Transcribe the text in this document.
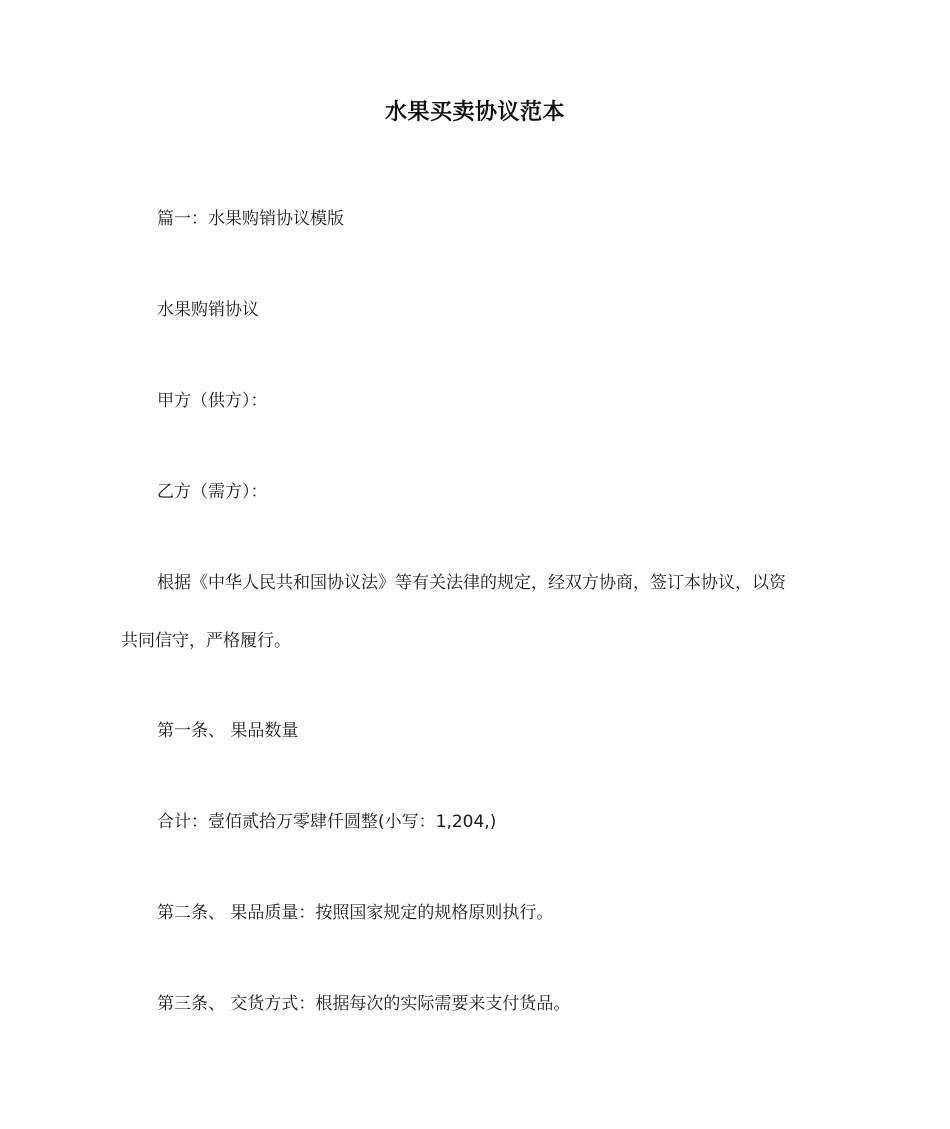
水果买卖协议范本
篇一：水果购销协议模版
水果购销协议
甲方（供方）：
乙方（需方）：
根据《中华人民共和国协议法》等有关法律的规定，经双方协商，签订本协议，以资
共同信守，严格履行。
第一条、 果品数量
合计：壹佰贰拾万零肆仟圆整(小写：1,204,)
第二条、 果品质量：按照国家规定的规格原则执行。
第三条、 交货方式：根据每次的实际需要来支付货品。
